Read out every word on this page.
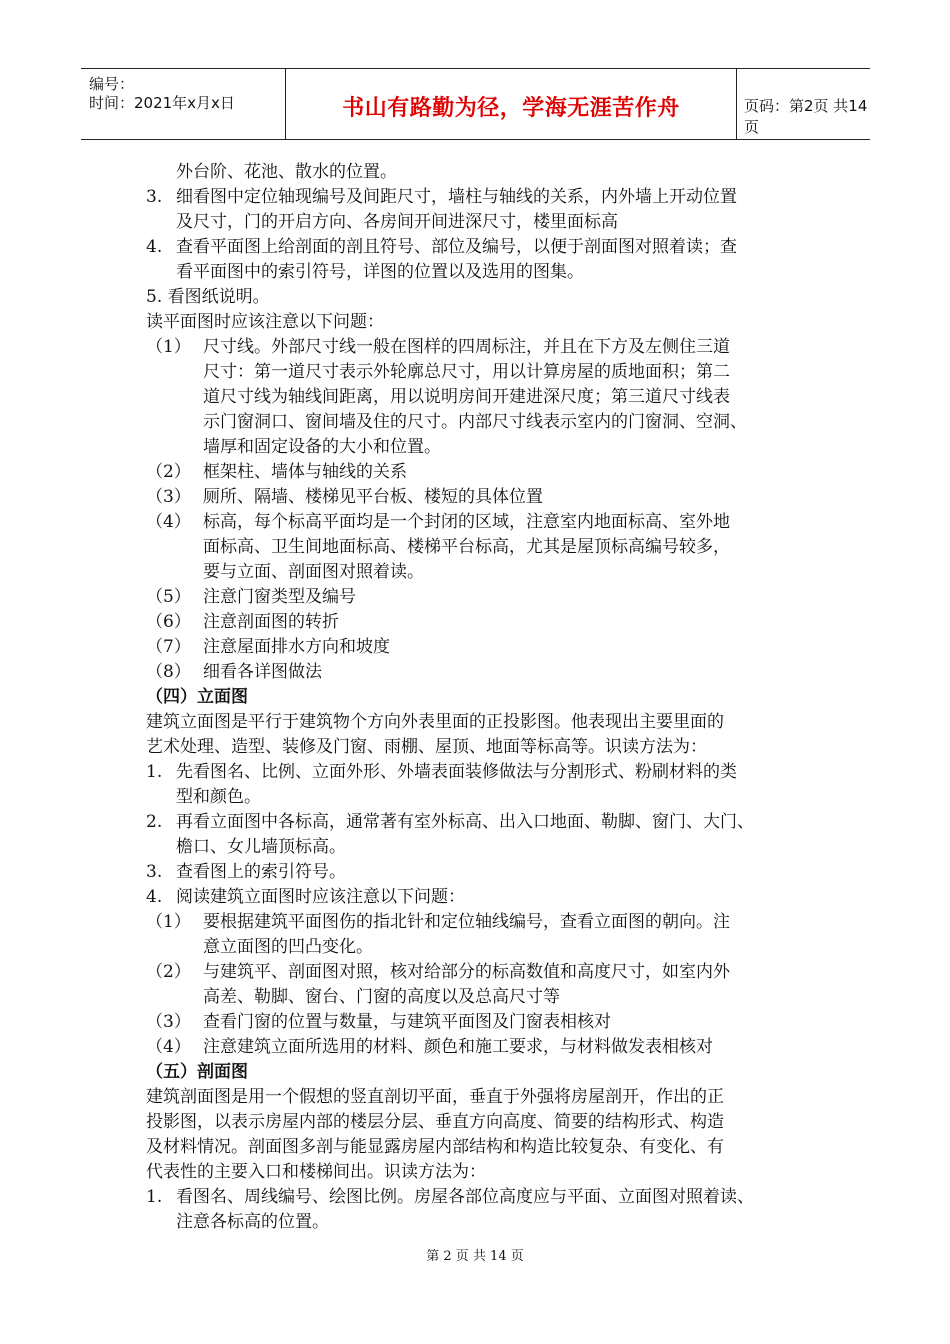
编号：
时间：2021年x月x日	书山有路勤为径，学海无涯苦作舟	页码：第2页 共14页
外台阶、花池、散水的位置。
3. 细看图中定位轴现编号及间距尺寸，墙柱与轴线的关系，内外墙上开动位置
及尺寸，门的开启方向、各房间开间进深尺寸，楼里面标高
4. 查看平面图上给剖面的剖且符号、部位及编号，以便于剖面图对照着读；查
看平面图中的索引符号，详图的位置以及选用的图集。
5. 看图纸说明。
读平面图时应该注意以下问题：
（1） 尺寸线。外部尺寸线一般在图样的四周标注，并且在下方及左侧住三道
尺寸：第一道尺寸表示外轮廓总尺寸，用以计算房屋的质地面积；第二
道尺寸线为轴线间距离，用以说明房间开建进深尺度；第三道尺寸线表
示门窗洞口、窗间墙及住的尺寸。内部尺寸线表示室内的门窗洞、空洞、
墙厚和固定设备的大小和位置。
（2） 框架柱、墙体与轴线的关系
（3） 厕所、隔墙、楼梯见平台板、楼短的具体位置
（4） 标高，每个标高平面均是一个封闭的区域，注意室内地面标高、室外地
面标高、卫生间地面标高、楼梯平台标高，尤其是屋顶标高编号较多，
要与立面、剖面图对照着读。
（5） 注意门窗类型及编号
（6） 注意剖面图的转折
（7） 注意屋面排水方向和坡度
（8） 细看各详图做法
（四）立面图
建筑立面图是平行于建筑物个方向外表里面的正投影图。他表现出主要里面的
艺术处理、造型、装修及门窗、雨棚、屋顶、地面等标高等。识读方法为：
1. 先看图名、比例、立面外形、外墙表面装修做法与分割形式、粉刷材料的类
型和颜色。
2. 再看立面图中各标高，通常著有室外标高、出入口地面、勒脚、窗门、大门、
檐口、女儿墙顶标高。
3. 查看图上的索引符号。
4. 阅读建筑立面图时应该注意以下问题：
（1） 要根据建筑平面图伤的指北针和定位轴线编号，查看立面图的朝向。注
意立面图的凹凸变化。
（2） 与建筑平、剖面图对照，核对给部分的标高数值和高度尺寸，如室内外
高差、勒脚、窗台、门窗的高度以及总高尺寸等
（3） 查看门窗的位置与数量，与建筑平面图及门窗表相核对
（4） 注意建筑立面所选用的材料、颜色和施工要求，与材料做发表相核对
（五）剖面图
建筑剖面图是用一个假想的竖直剖切平面，垂直于外强将房屋剖开，作出的正
投影图，以表示房屋内部的楼层分层、垂直方向高度、简要的结构形式、构造
及材料情况。剖面图多剖与能显露房屋内部结构和构造比较复杂、有变化、有
代表性的主要入口和楼梯间出。识读方法为：
1. 看图名、周线编号、绘图比例。房屋各部位高度应与平面、立面图对照着读、
注意各标高的位置。
第 2 页 共 14 页
